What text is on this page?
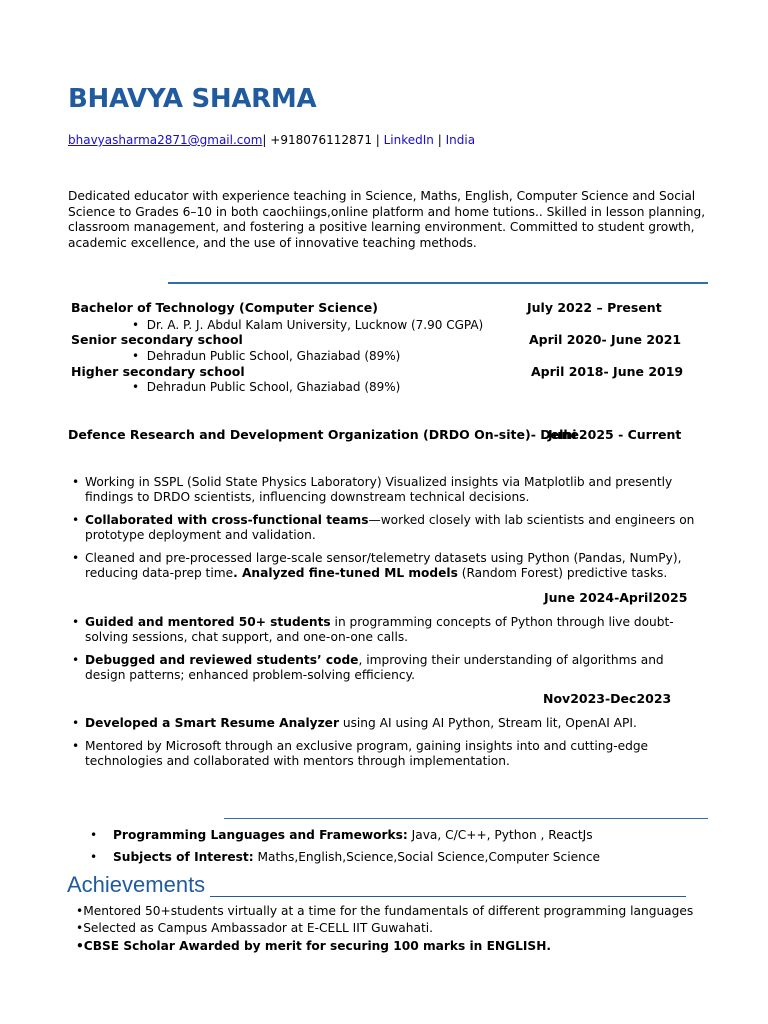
BHAVYA SHARMA
bhavyasharma2871@gmail.com| +918076112871 | LinkedIn | India
Dedicated educator with experience teaching in Science, Maths, English, Computer Science and Social Science to Grades 6–10 in both caochiings,online platform and home tutions.. Skilled in lesson planning, classroom management, and fostering a positive learning environment. Committed to student growth, academic excellence, and the use of innovative teaching methods.
Bachelor of Technology (Computer Science)	July 2022 – Present
•  Dr. A. P. J. Abdul Kalam University, Lucknow (7.90 CGPA)
Senior secondary school	April 2020- June 2021
•  Dehradun Public School, Ghaziabad (89%)
Higher secondary school	April 2018- June 2019
•  Dehradun Public School, Ghaziabad (89%)
Defence Research and Development Organization (DRDO On-site)- Delhi
June2025 - Current
• Working in SSPL (Solid State Physics Laboratory) Visualized insights via Matplotlib and presently findings to DRDO scientists, influencing downstream technical decisions.
• Collaborated with cross-functional teams—worked closely with lab scientists and engineers on prototype deployment and validation.
• Cleaned and pre-processed large-scale sensor/telemetry datasets using Python (Pandas, NumPy), reducing data-prep time. Analyzed fine-tuned ML models (Random Forest) predictive tasks.
June 2024-April2025
• Guided and mentored 50+ students in programming concepts of Python through live doubt-solving sessions, chat support, and one-on-one calls.
• Debugged and reviewed students’ code, improving their understanding of algorithms and design patterns; enhanced problem-solving efficiency.
Nov2023-Dec2023
• Developed a Smart Resume Analyzer using AI using AI Python, Stream lit, OpenAI API.
• Mentored by Microsoft through an exclusive program, gaining insights into and cutting-edge technologies and collaborated with mentors through implementation.
• Programming Languages and Frameworks: Java, C/C++, Python , ReactJs
• Subjects of Interest: Maths,English,Science,Social Science,Computer Science
Achievements
•Mentored 50+students virtually at a time for the fundamentals of different programming languages
•Selected as Campus Ambassador at E-CELL IIT Guwahati.
•CBSE Scholar Awarded by merit for securing 100 marks in ENGLISH.
